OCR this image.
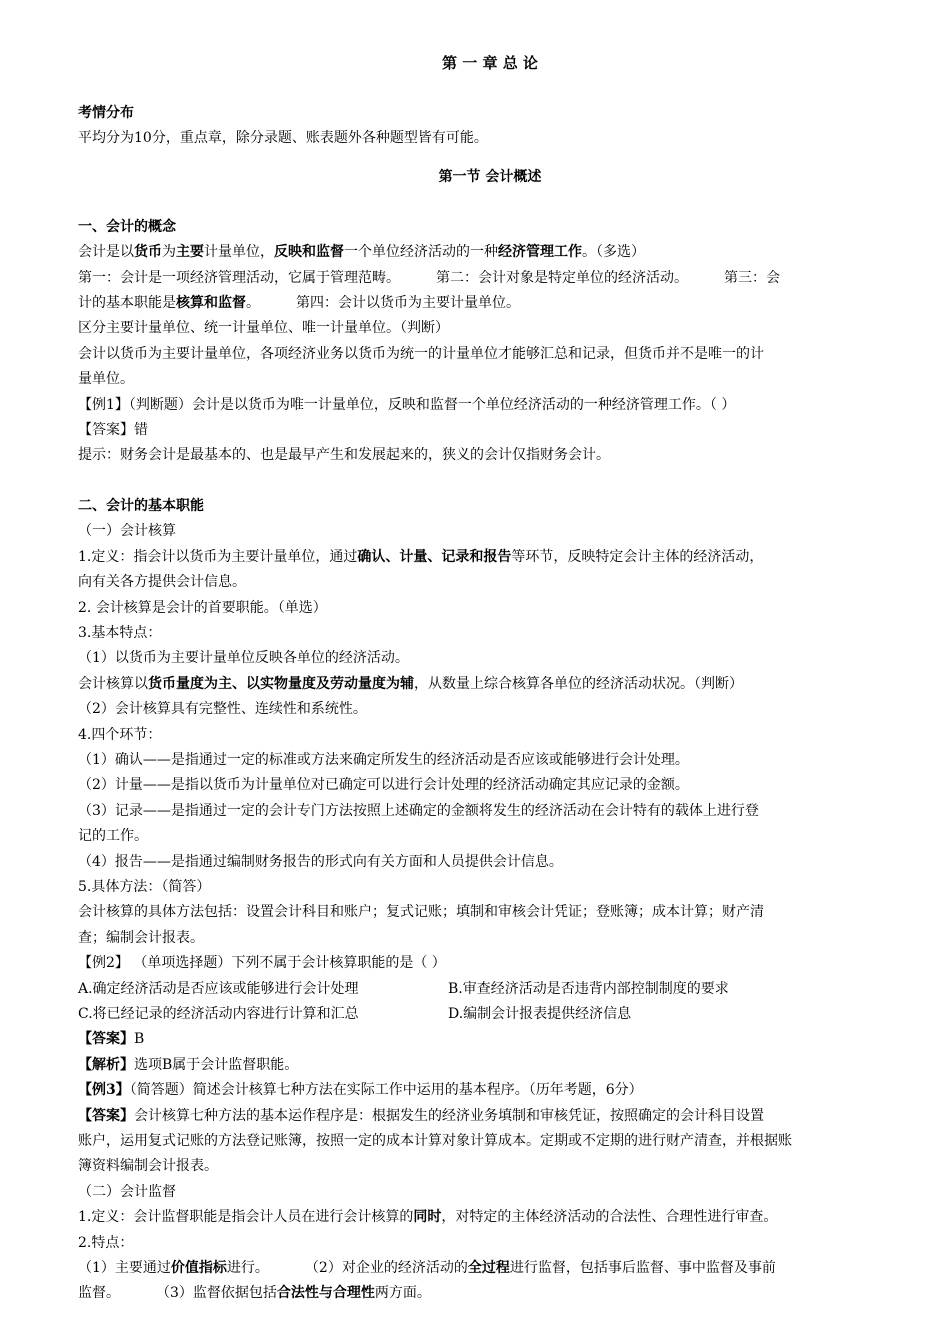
第 一 章 总 论

考情分布

平均分为10分，重点章，除分录题、账表题外各种题型皆有可能。

第一节 会计概述

一、会计的概念

会计是以货币为主要计量单位，反映和监督一个单位经济活动的一种经济管理工作。（多选）

第一：会计是一项经济管理活动，它属于管理范畴。	第二：会计对象是特定单位的经济活动。	第三：会

计的基本职能是核算和监督。	第四：会计以货币为主要计量单位。

区分主要计量单位、统一计量单位、唯一计量单位。（判断）

会计以货币为主要计量单位，各项经济业务以货币为统一的计量单位才能够汇总和记录，但货币并不是唯一的计

量单位。

【例1】（判断题）会计是以货币为唯一计量单位，反映和监督一个单位经济活动的一种经济管理工作。（ ）

【答案】错

提示：财务会计是最基本的、也是最早产生和发展起来的，狭义的会计仅指财务会计。

二、会计的基本职能

（一）会计核算

1.定义：指会计以货币为主要计量单位，通过确认、计量、记录和报告等环节，反映特定会计主体的经济活动，

向有关各方提供会计信息。

2. 会计核算是会计的首要职能。（单选）

3.基本特点：

（1）以货币为主要计量单位反映各单位的经济活动。

会计核算以货币量度为主、以实物量度及劳动量度为辅，从数量上综合核算各单位的经济活动状况。（判断）

（2）会计核算具有完整性、连续性和系统性。

4.四个环节：

（1）确认——是指通过一定的标准或方法来确定所发生的经济活动是否应该或能够进行会计处理。

（2）计量——是指以货币为计量单位对已确定可以进行会计处理的经济活动确定其应记录的金额。

（3）记录——是指通过一定的会计专门方法按照上述确定的金额将发生的经济活动在会计特有的载体上进行登

记的工作。

（4）报告——是指通过编制财务报告的形式向有关方面和人员提供会计信息。

5.具体方法：（简答）

会计核算的具体方法包括：设置会计科目和账户；复式记账；填制和审核会计凭证；登账簿；成本计算；财产清

查；编制会计报表。

【例2】 （单项选择题）下列不属于会计核算职能的是（ ）

A.确定经济活动是否应该或能够进行会计处理	B.审查经济活动是否违背内部控制制度的要求

C.将已经记录的经济活动内容进行计算和汇总	D.编制会计报表提供经济信息

【答案】B

【解析】选项B属于会计监督职能。

【例3】（简答题）简述会计核算七种方法在实际工作中运用的基本程序。（历年考题，6分）

【答案】会计核算七种方法的基本运作程序是：根据发生的经济业务填制和审核凭证，按照确定的会计科目设置

账户，运用复式记账的方法登记账簿，按照一定的成本计算对象计算成本。定期或不定期的进行财产清查，并根据账

簿资料编制会计报表。

（二）会计监督

1.定义：会计监督职能是指会计人员在进行会计核算的同时，对特定的主体经济活动的合法性、合理性进行审查。

2.特点：

（1）主要通过价值指标进行。	（2）对企业的经济活动的全过程进行监督，包括事后监督、事中监督及事前

监督。	（3）监督依据包括合法性与合理性两方面。
